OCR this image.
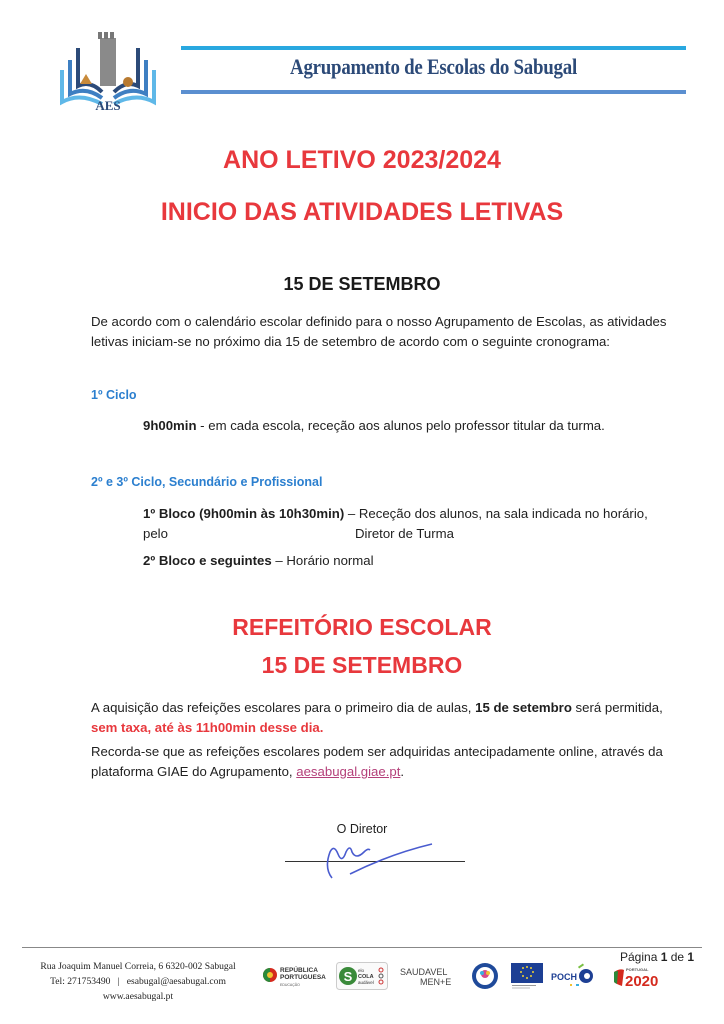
AES
Agrupamento de Escolas do Sabugal
ANO LETIVO 2023/2024
INICIO DAS ATIVIDADES LETIVAS
15 DE SETEMBRO
De acordo com o calendário escolar definido para o nosso Agrupamento de Escolas, as atividades letivas iniciam-se no próximo dia 15 de setembro de acordo com o seguinte cronograma:
1º Ciclo
9h00min - em cada escola, receção aos alunos pelo professor titular da turma.
2º e 3º Ciclo, Secundário e Profissional
1º Bloco (9h00min às 10h30min) – Receção dos alunos, na sala indicada no horário, pelo	Diretor de Turma
2º Bloco e seguintes – Horário normal
REFEITÓRIO ESCOLAR
15 DE SETEMBRO
A aquisição das refeições escolares para o primeiro dia de aulas, 15 de setembro será permitida,
sem taxa, até às 11h00min desse dia.
Recorda-se que as refeições escolares podem ser adquiridas antecipadamente online, através da plataforma GIAE do Agrupamento, aesabugal.giae.pt.
O Diretor
Página 1 de 1
Rua Joaquim Manuel Correia, 6 6320-002 Sabugal
Tel: 271753490 | esabugal@aesabugal.com
www.aesabugal.pt
REPÚBLICA
PORTUGUESA
EDUCAÇÃO
S elo
COLA
audável
SAUDAVEL
MEN+E	POCH
PORTUGAL
2020
